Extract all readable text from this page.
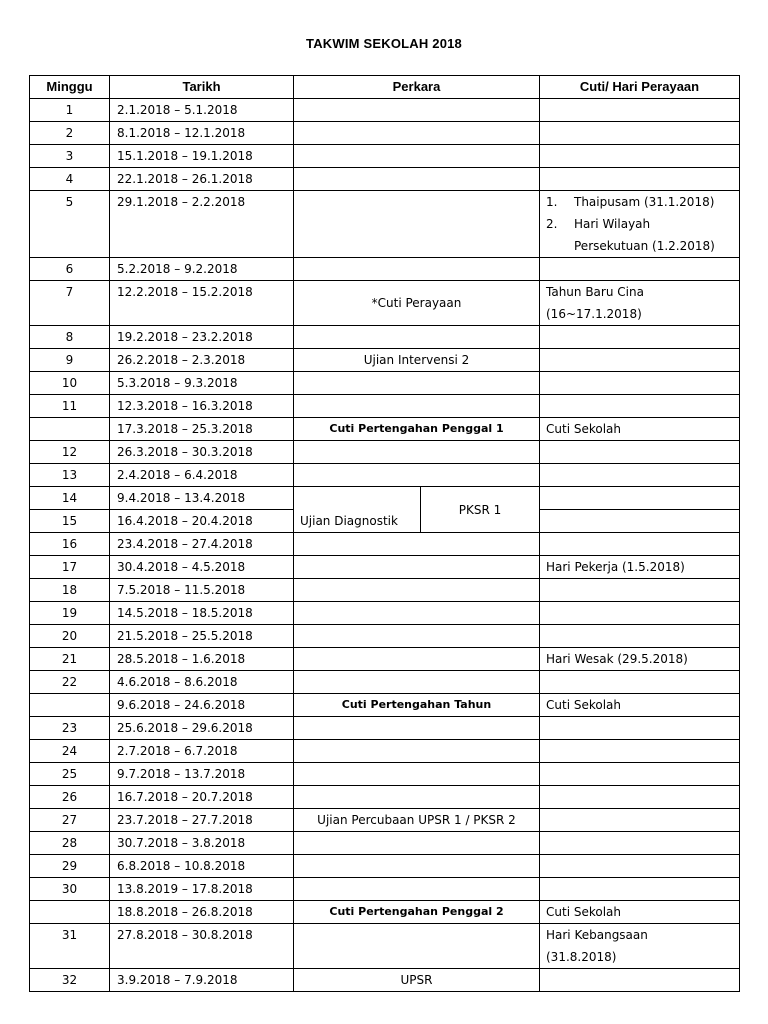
TAKWIM SEKOLAH 2018
Minggu	Tarikh	Perkara		Cuti/ Hari Perayaan
1	2.1.2018 – 5.1.2018			
2	8.1.2018 – 12.1.2018			
3	15.1.2018 – 19.1.2018			
4	22.1.2018 – 26.1.2018			
5	29.1.2018 – 2.2.2018			1. Thaipusam (31.1.2018)
2. Hari Wilayah
Persekutuan (1.2.2018)

6	5.2.2018 – 9.2.2018			
7	12.2.2018 – 15.2.2018	*Cuti Perayaan		Tahun Baru Cina
(16~17.1.2018)

8	19.2.2018 – 23.2.2018			
9	26.2.2018 – 2.3.2018	Ujian Intervensi 2		
10	5.3.2018 – 9.3.2018			
11	12.3.2018 – 16.3.2018			
	17.3.2018 – 25.3.2018	Cuti Pertengahan Penggal 1		Cuti Sekolah
12	26.3.2018 – 30.3.2018			
13	2.4.2018 – 6.4.2018			
14	9.4.2018 – 13.4.2018	Ujian Diagnostik	PKSR 1	
15	16.4.2018 – 20.4.2018			
16	23.4.2018 – 27.4.2018			
17	30.4.2018 – 4.5.2018			Hari Pekerja (1.5.2018)
18	7.5.2018 – 11.5.2018			
19	14.5.2018 – 18.5.2018			
20	21.5.2018 – 25.5.2018			
21	28.5.2018 – 1.6.2018			Hari Wesak (29.5.2018)
22	4.6.2018 – 8.6.2018			
	9.6.2018 – 24.6.2018	Cuti Pertengahan Tahun		Cuti Sekolah
23	25.6.2018 – 29.6.2018			
24	2.7.2018 – 6.7.2018			
25	9.7.2018 – 13.7.2018			
26	16.7.2018 – 20.7.2018			
27	23.7.2018 – 27.7.2018	Ujian Percubaan UPSR 1 / PKSR 2		
28	30.7.2018 – 3.8.2018			
29	6.8.2018 – 10.8.2018			
30	13.8.2019 – 17.8.2018			
	18.8.2018 – 26.8.2018	Cuti Pertengahan Penggal 2		Cuti Sekolah
31	27.8.2018 – 30.8.2018			Hari Kebangsaan
(31.8.2018)

32	3.9.2018 – 7.9.2018	UPSR		
